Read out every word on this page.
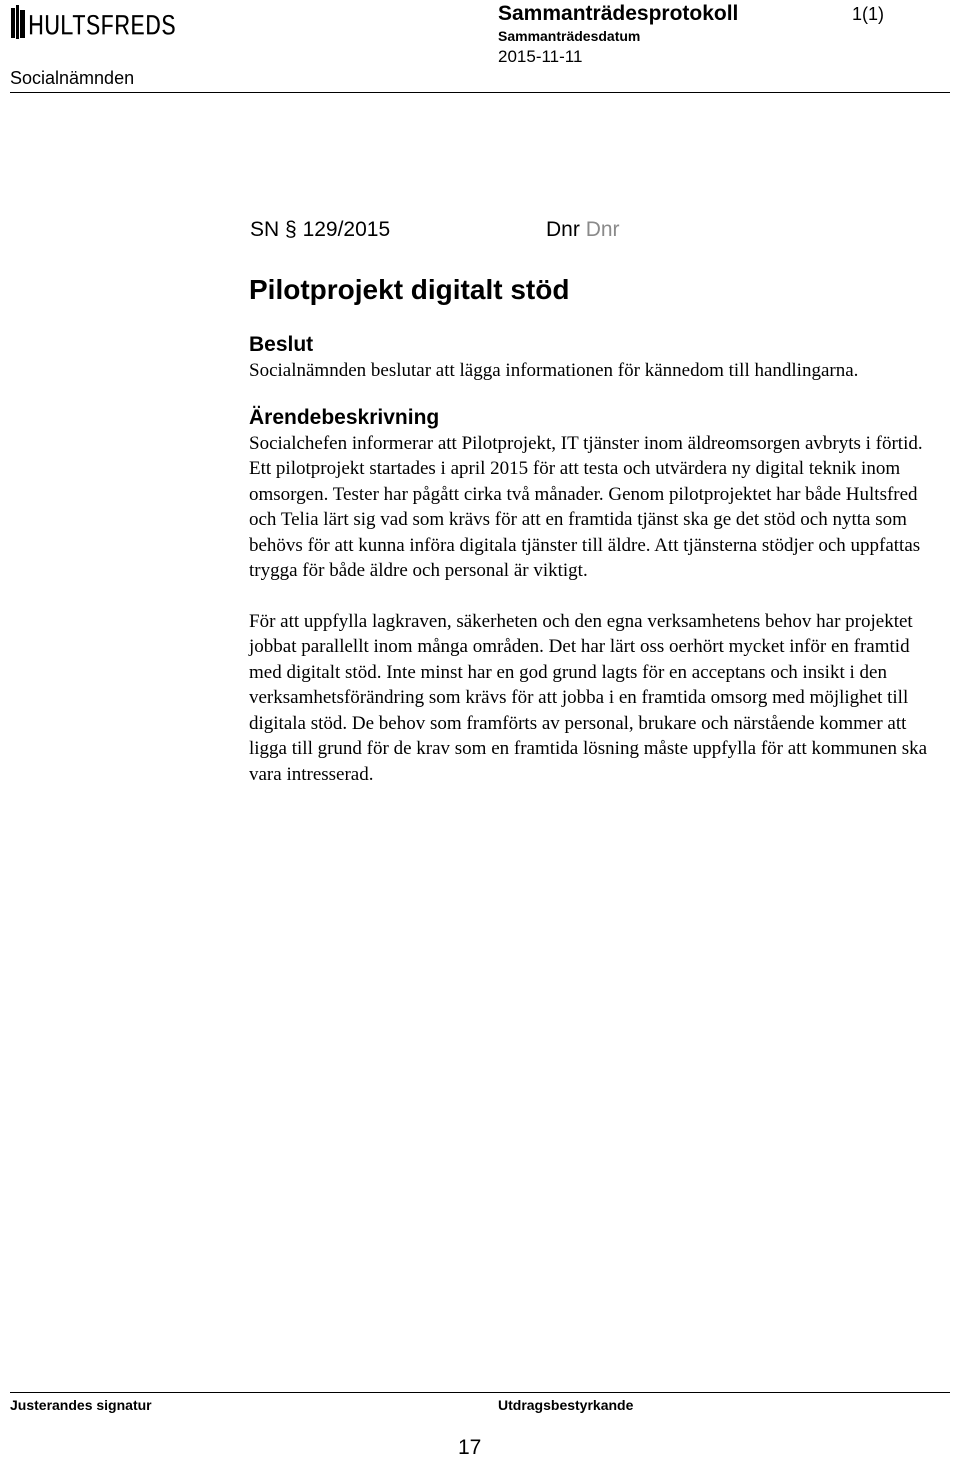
HULTSFREDS	Sammanträdesprotokoll	1(1)
Sammanträdesdatum
2015-11-11
Socialnämnden
SN § 129/2015	Dnr Dnr
Pilotprojekt digitalt stöd

Beslut

Socialnämnden beslutar att lägga informationen för kännedom till handlingarna.

Ärendebeskrivning

Socialchefen informerar att Pilotprojekt, IT tjänster inom äldreomsorgen avbryts i förtid.

Ett pilotprojekt startades i april 2015 för att testa och utvärdera ny digital teknik inom omsorgen. Tester har pågått cirka två månader. Genom pilotprojektet har både Hultsfred och Telia lärt sig vad som krävs för att en framtida tjänst ska ge det stöd och nytta som behövs för att kunna införa digitala tjänster till äldre. Att tjänsterna stödjer och uppfattas trygga för både äldre och personal är viktigt.

För att uppfylla lagkraven, säkerheten och den egna verksamhetens behov har projektet jobbat parallellt inom många områden. Det har lärt oss oerhört mycket inför en framtid med digitalt stöd. Inte minst har en god grund lagts för en acceptans och insikt i den verksamhetsförändring som krävs för att jobba i en framtida omsorg med möjlighet till digitala stöd. De behov som framförts av personal, brukare och närstående kommer att ligga till grund för de krav som en framtida lösning måste uppfylla för att kommunen ska vara intresserad.

Justerandes signatur	Utdragsbestyrkande
17
